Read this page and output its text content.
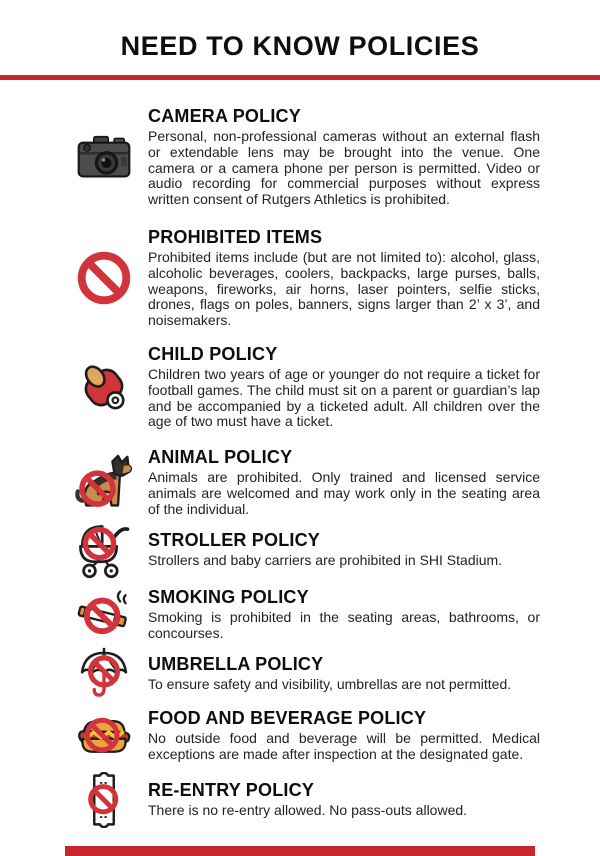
NEED TO KNOW POLICIES
CAMERA POLICY

Personal, non-professional cameras without an external flash or extendable lens may be brought into the venue. One camera or a camera phone per person is permitted. Video or audio recording for commercial purposes without express written consent of Rutgers Athletics is prohibited.

PROHIBITED ITEMS

Prohibited items include (but are not limited to): alcohol, glass, alcoholic beverages, coolers, backpacks, large purses, balls, weapons, fireworks, air horns, laser pointers, selfie sticks, drones, flags on poles, banners, signs larger than 2’ x 3’, and noisemakers.

CHILD POLICY

Children two years of age or younger do not require a ticket for football games. The child must sit on a parent or guardian’s lap and be accompanied by a ticketed adult. All children over the age of two must have a ticket.

ANIMAL POLICY

Animals are prohibited. Only trained and licensed service animals are welcomed and may work only in the seating area of the individual.

STROLLER POLICY

Strollers and baby carriers are prohibited in SHI Stadium.

SMOKING POLICY

Smoking is prohibited in the seating areas, bathrooms, or concourses.

UMBRELLA POLICY

To ensure safety and visibility, umbrellas are not permitted.

FOOD AND BEVERAGE POLICY

No outside food and beverage will be permitted. Medical exceptions are made after inspection at the designated gate.

RE-ENTRY POLICY

There is no re-entry allowed. No pass-outs allowed.
